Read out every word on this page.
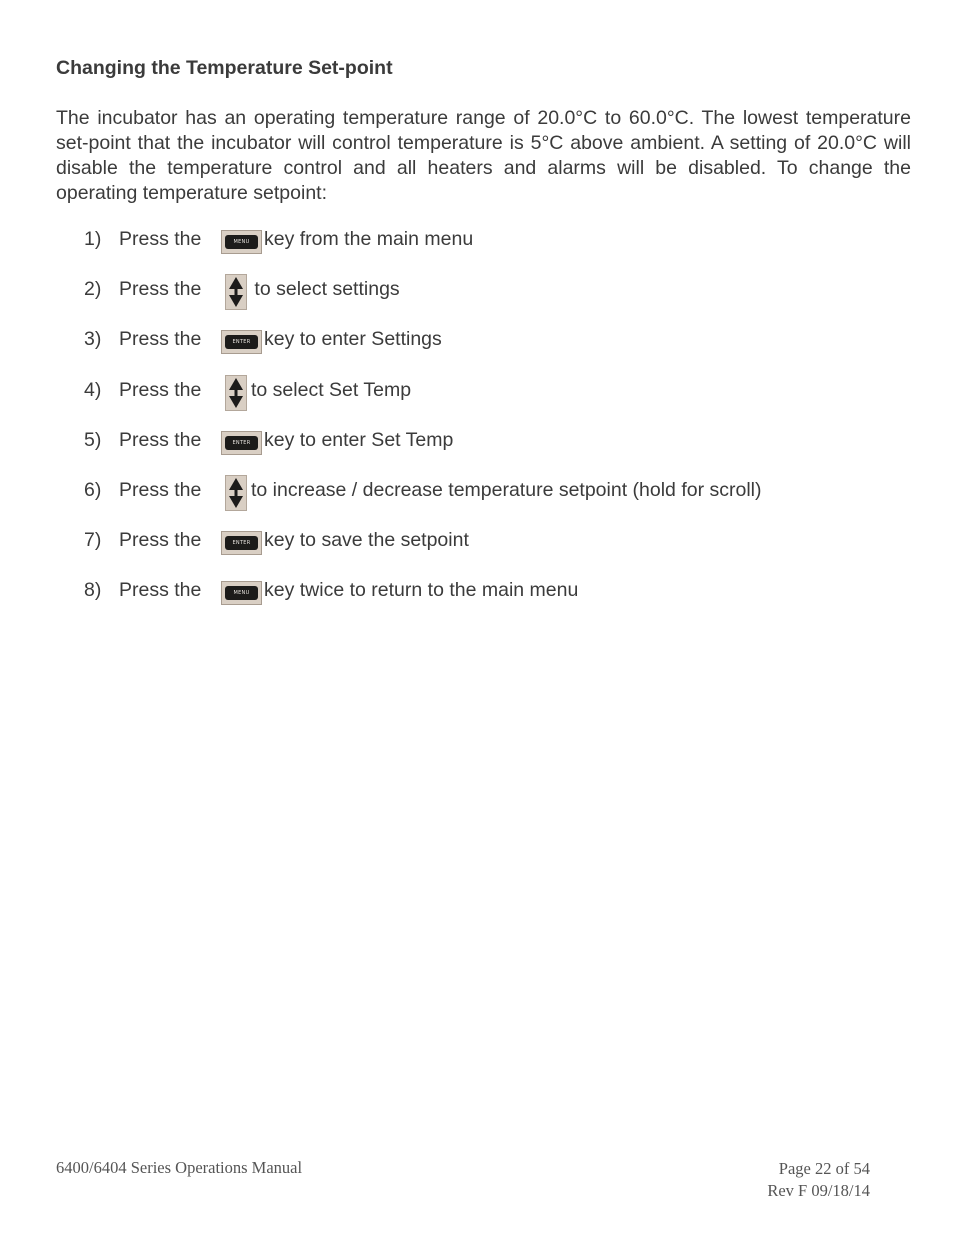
Changing the Temperature Set-point

The incubator has an operating temperature range of 20.0°C to 60.0°C. The lowest temperature set-point that the incubator will control temperature is 5°C above ambient. A setting of 20.0°C will disable the temperature control and all heaters and alarms will be disabled. To change the operating temperature setpoint:

1) Press the	MENU key from the main menu
2) Press the	to select settings
3) Press the	ENTER key to enter Settings
4) Press the	to select Set Temp
5) Press the	ENTER key to enter Set Temp
6) Press the	to increase / decrease temperature setpoint (hold for scroll)
7) Press the	ENTER key to save the setpoint
8) Press the	MENU key twice to return to the main menu
6400/6404 Series Operations Manual	Page 22 of 54
Rev F 09/18/14
